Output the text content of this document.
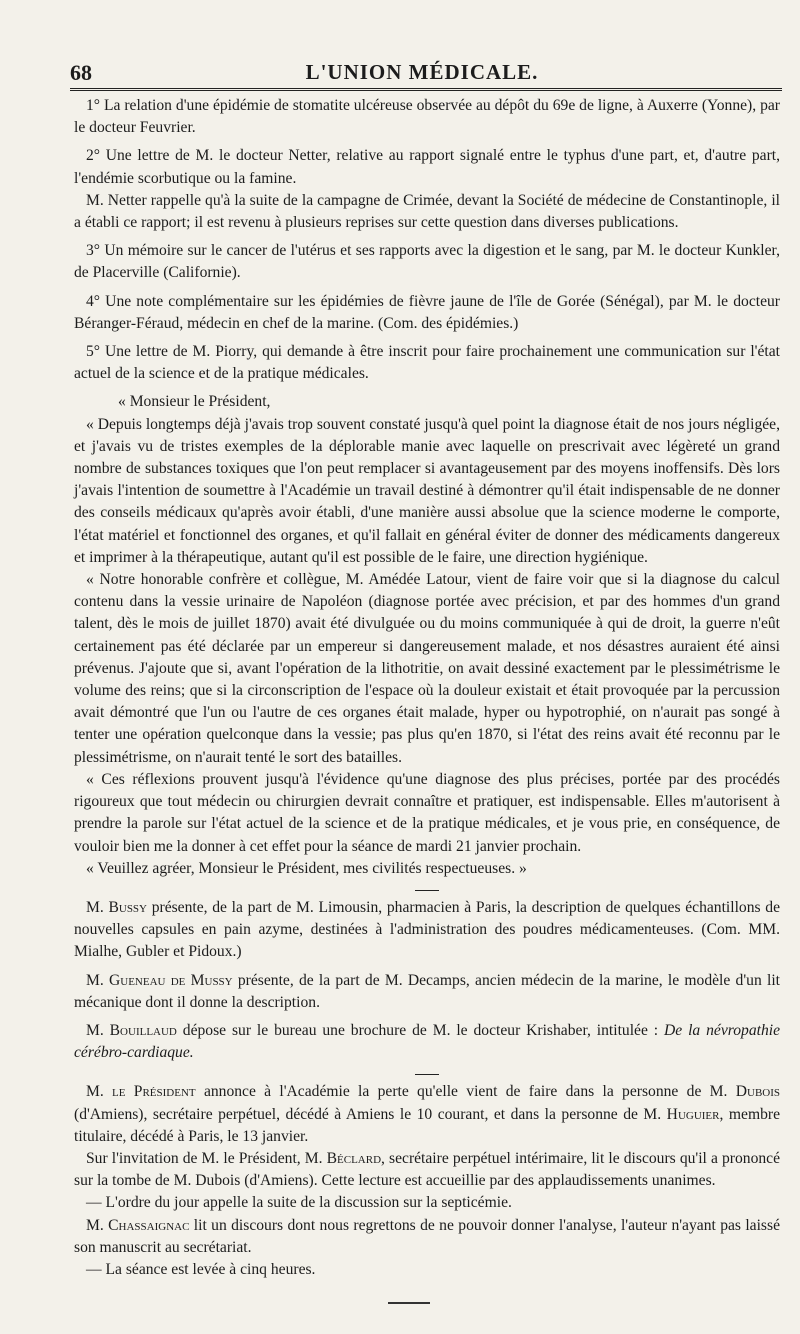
68	L'UNION MÉDICALE.

1° La relation d'une épidémie de stomatite ulcéreuse observée au dépôt du 69e de ligne, à Auxerre (Yonne), par le docteur Feuvrier.

2° Une lettre de M. le docteur Netter, relative au rapport signalé entre le typhus d'une part, et, d'autre part, l'endémie scorbutique ou la famine.

M. Netter rappelle qu'à la suite de la campagne de Crimée, devant la Société de médecine de Constantinople, il a établi ce rapport; il est revenu à plusieurs reprises sur cette question dans diverses publications.

3° Un mémoire sur le cancer de l'utérus et ses rapports avec la digestion et le sang, par M. le docteur Kunkler, de Placerville (Californie).

4° Une note complémentaire sur les épidémies de fièvre jaune de l'île de Gorée (Sénégal), par M. le docteur Béranger-Féraud, médecin en chef de la marine. (Com. des épidémies.)

5° Une lettre de M. Piorry, qui demande à être inscrit pour faire prochainement une communication sur l'état actuel de la science et de la pratique médicales.

« Monsieur le Président,

« Depuis longtemps déjà j'avais trop souvent constaté jusqu'à quel point la diagnose était de nos jours négligée, et j'avais vu de tristes exemples de la déplorable manie avec laquelle on prescrivait avec légèreté un grand nombre de substances toxiques que l'on peut remplacer si avantageusement par des moyens inoffensifs. Dès lors j'avais l'intention de soumettre à l'Académie un travail destiné à démontrer qu'il était indispensable de ne donner des conseils médicaux qu'après avoir établi, d'une manière aussi absolue que la science moderne le comporte, l'état matériel et fonctionnel des organes, et qu'il fallait en général éviter de donner des médicaments dangereux et imprimer à la thérapeutique, autant qu'il est possible de le faire, une direction hygiénique.

« Notre honorable confrère et collègue, M. Amédée Latour, vient de faire voir que si la diagnose du calcul contenu dans la vessie urinaire de Napoléon (diagnose portée avec précision, et par des hommes d'un grand talent, dès le mois de juillet 1870) avait été divulguée ou du moins communiquée à qui de droit, la guerre n'eût certainement pas été déclarée par un empereur si dangereusement malade, et nos désastres auraient été ainsi prévenus. J'ajoute que si, avant l'opération de la lithotritie, on avait dessiné exactement par le plessimétrisme le volume des reins; que si la circonscription de l'espace où la douleur existait et était provoquée par la percussion avait démontré que l'un ou l'autre de ces organes était malade, hyper ou hypotrophié, on n'aurait pas songé à tenter une opération quelconque dans la vessie; pas plus qu'en 1870, si l'état des reins avait été reconnu par le plessimétrisme, on n'aurait tenté le sort des batailles.

« Ces réflexions prouvent jusqu'à l'évidence qu'une diagnose des plus précises, portée par des procédés rigoureux que tout médecin ou chirurgien devrait connaître et pratiquer, est indispensable. Elles m'autorisent à prendre la parole sur l'état actuel de la science et de la pratique médicales, et je vous prie, en conséquence, de vouloir bien me la donner à cet effet pour la séance de mardi 21 janvier prochain.

« Veuillez agréer, Monsieur le Président, mes civilités respectueuses. »

M. Bussy présente, de la part de M. Limousin, pharmacien à Paris, la description de quelques échantillons de nouvelles capsules en pain azyme, destinées à l'administration des poudres médicamenteuses. (Com. MM. Mialhe, Gubler et Pidoux.)

M. Gueneau de Mussy présente, de la part de M. Decamps, ancien médecin de la marine, le modèle d'un lit mécanique dont il donne la description.

M. Bouillaud dépose sur le bureau une brochure de M. le docteur Krishaber, intitulée : De la névropathie cérébro-cardiaque.

M. le Président annonce à l'Académie la perte qu'elle vient de faire dans la personne de M. Dubois (d'Amiens), secrétaire perpétuel, décédé à Amiens le 10 courant, et dans la personne de M. Huguier, membre titulaire, décédé à Paris, le 13 janvier.

Sur l'invitation de M. le Président, M. Béclard, secrétaire perpétuel intérimaire, lit le discours qu'il a prononcé sur la tombe de M. Dubois (d'Amiens). Cette lecture est accueillie par des applaudissements unanimes.

— L'ordre du jour appelle la suite de la discussion sur la septicémie.

M. Chassaignac lit un discours dont nous regrettons de ne pouvoir donner l'analyse, l'auteur n'ayant pas laissé son manuscrit au secrétariat.

— La séance est levée à cinq heures.
